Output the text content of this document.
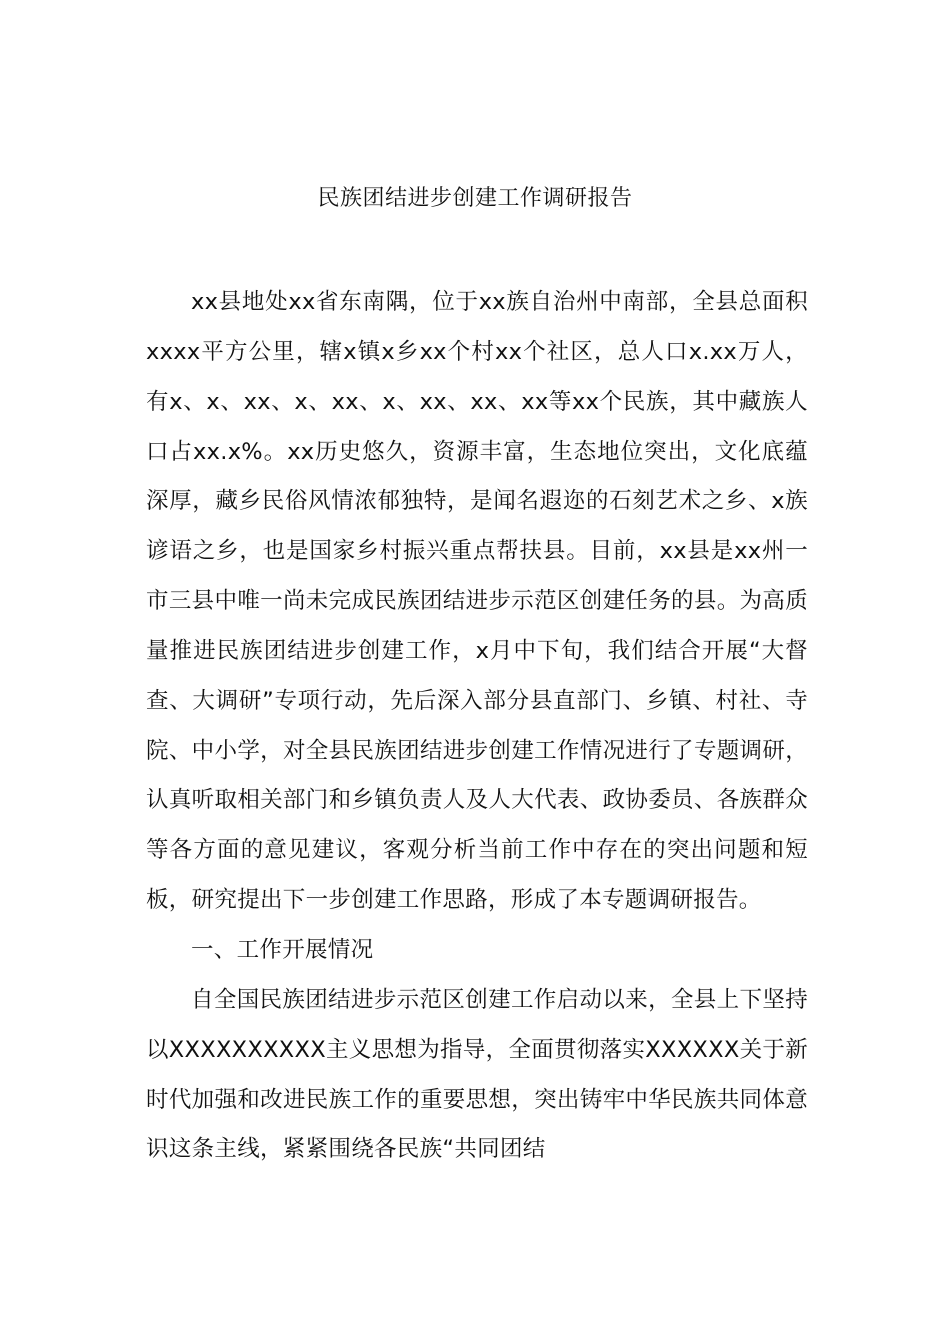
民族团结进步创建工作调研报告

xx县地处xx省东南隅，位于xx族自治州中南部，全县总面积xxxx平方公里，辖x镇x乡xx个村xx个社区，总人口x.xx万人，有x、x、xx、x、xx、x、xx、xx、xx等xx个民族，其中藏族人口占xx.x%。xx历史悠久，资源丰富，生态地位突出，文化底蕴深厚，藏乡民俗风情浓郁独特，是闻名遐迩的石刻艺术之乡、x族谚语之乡，也是国家乡村振兴重点帮扶县。目前，xx县是xx州一市三县中唯一尚未完成民族团结进步示范区创建任务的县。为高质量推进民族团结进步创建工作，x月中下旬，我们结合开展“大督查、大调研”专项行动，先后深入部分县直部门、乡镇、村社、寺院、中小学，对全县民族团结进步创建工作情况进行了专题调研，认真听取相关部门和乡镇负责人及人大代表、政协委员、各族群众等各方面的意见建议，客观分析当前工作中存在的突出问题和短板，研究提出下一步创建工作思路，形成了本专题调研报告。

一、工作开展情况

自全国民族团结进步示范区创建工作启动以来，全县上下坚持以XXXXXXXXXX主义思想为指导，全面贯彻落实XXXXXX关于新时代加强和改进民族工作的重要思想，突出铸牢中华民族共同体意识这条主线，紧紧围绕各民族“共同团结
